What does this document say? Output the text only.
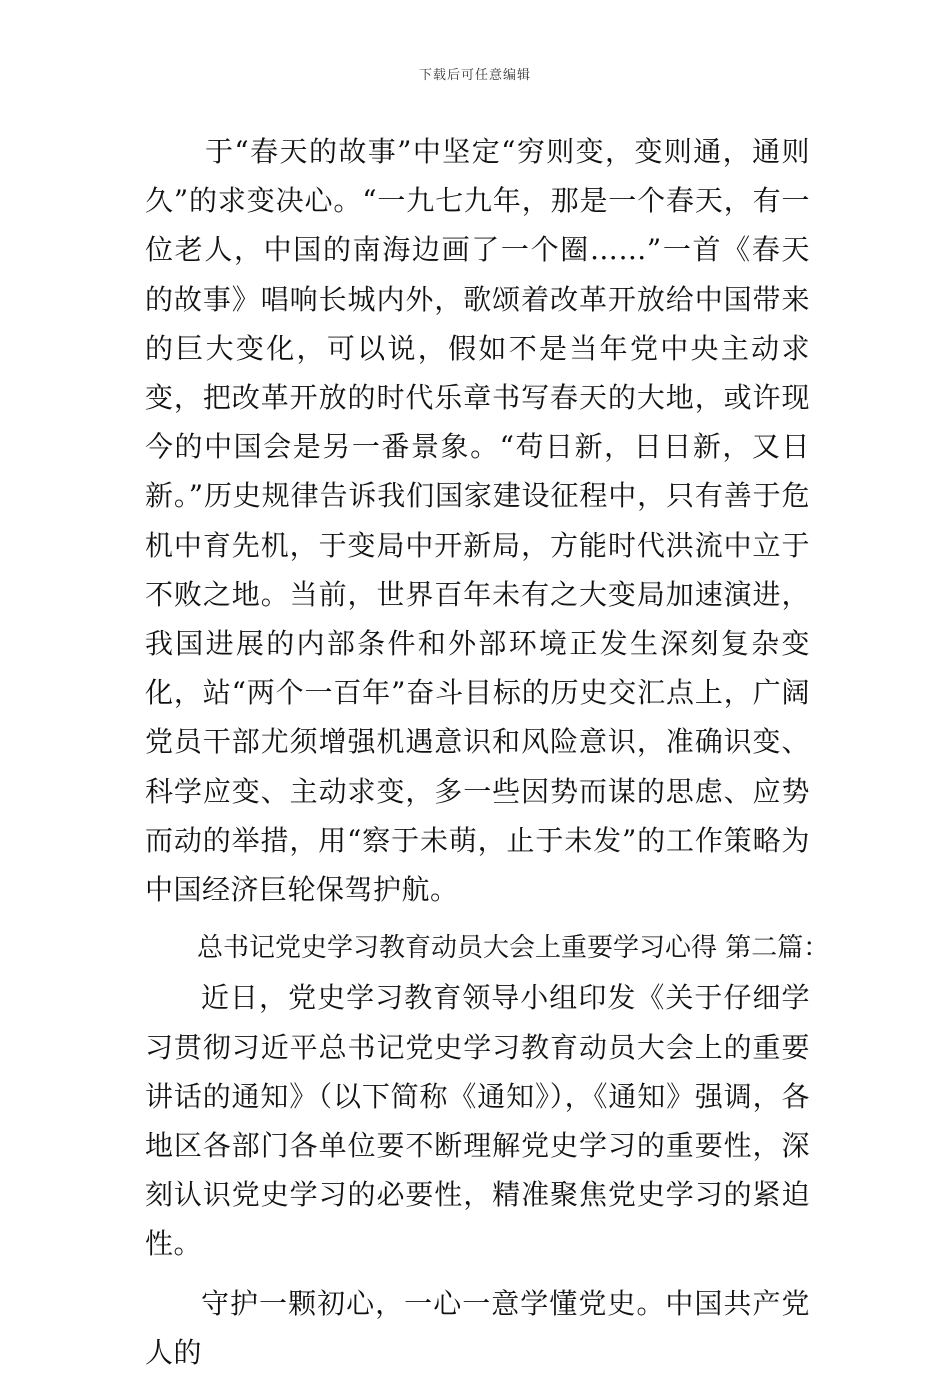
下载后可任意编辑

于“春天的故事”中坚定“穷则变，变则通，通则久”的求变决心。“一九七九年，那是一个春天，有一位老人，中国的南海边画了一个圈……”一首《春天的故事》唱响长城内外，歌颂着改革开放给中国带来的巨大变化，可以说，假如不是当年党中央主动求变，把改革开放的时代乐章书写春天的大地，或许现今的中国会是另一番景象。“苟日新，日日新，又日新。”历史规律告诉我们国家建设征程中，只有善于危机中育先机，于变局中开新局，方能时代洪流中立于不败之地。当前，世界百年未有之大变局加速演进，我国进展的内部条件和外部环境正发生深刻复杂变化，站“两个一百年”奋斗目标的历史交汇点上，广阔党员干部尤须增强机遇意识和风险意识，准确识变、科学应变、主动求变，多一些因势而谋的思虑、应势而动的举措，用“察于未萌，止于未发”的工作策略为中国经济巨轮保驾护航。

总书记党史学习教育动员大会上重要学习心得 第二篇：

近日，党史学习教育领导小组印发《关于仔细学习贯彻习近平总书记党史学习教育动员大会上的重要讲话的通知》（以下简称《通知》），《通知》强调，各地区各部门各单位要不断理解党史学习的重要性，深刻认识党史学习的必要性，精准聚焦党史学习的紧迫性。

守护一颗初心，一心一意学懂党史。中国共产党人的
